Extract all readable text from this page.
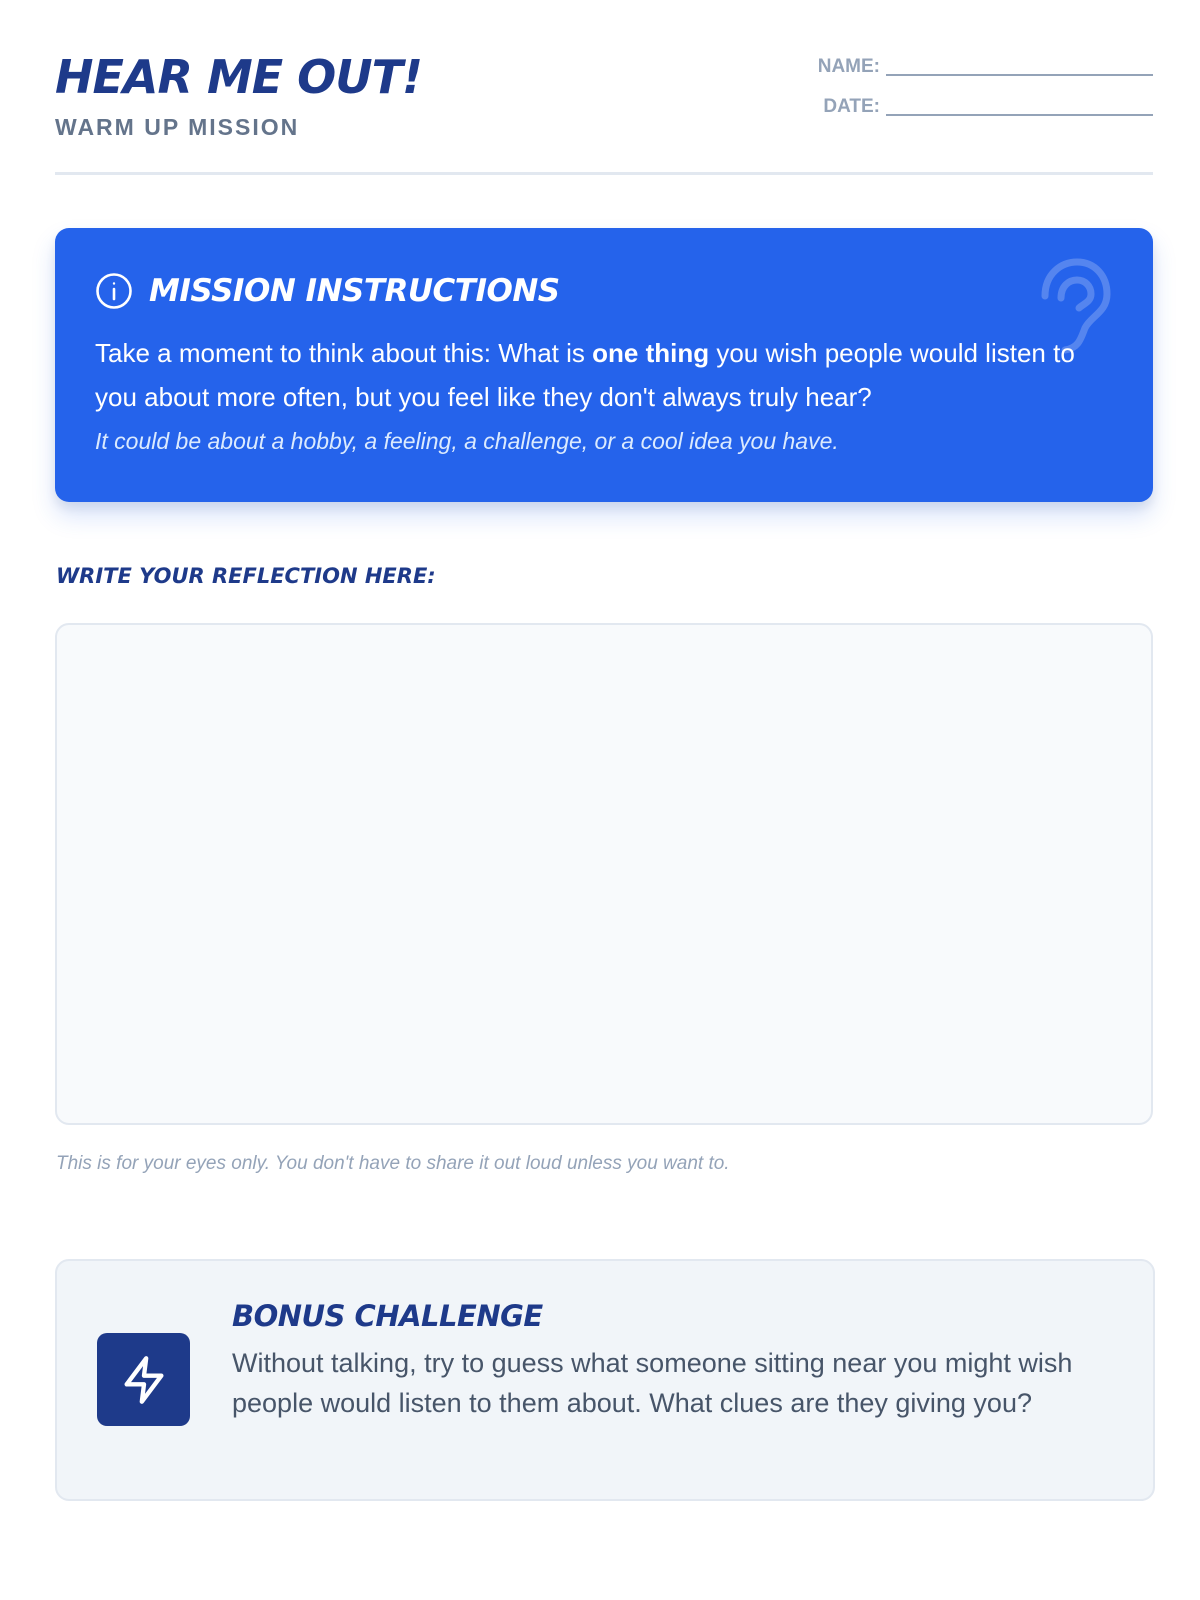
HEAR ME OUT!
WARM UP MISSION
NAME:
DATE:
MISSION INSTRUCTIONS
Take a moment to think about this: What is one thing you wish people would listen to you about more often, but you feel like they don't always truly hear?
It could be about a hobby, a feeling, a challenge, or a cool idea you have.
WRITE YOUR REFLECTION HERE:
This is for your eyes only. You don't have to share it out loud unless you want to.
BONUS CHALLENGE
Without talking, try to guess what someone sitting near you might wish people would listen to them about. What clues are they giving you?
